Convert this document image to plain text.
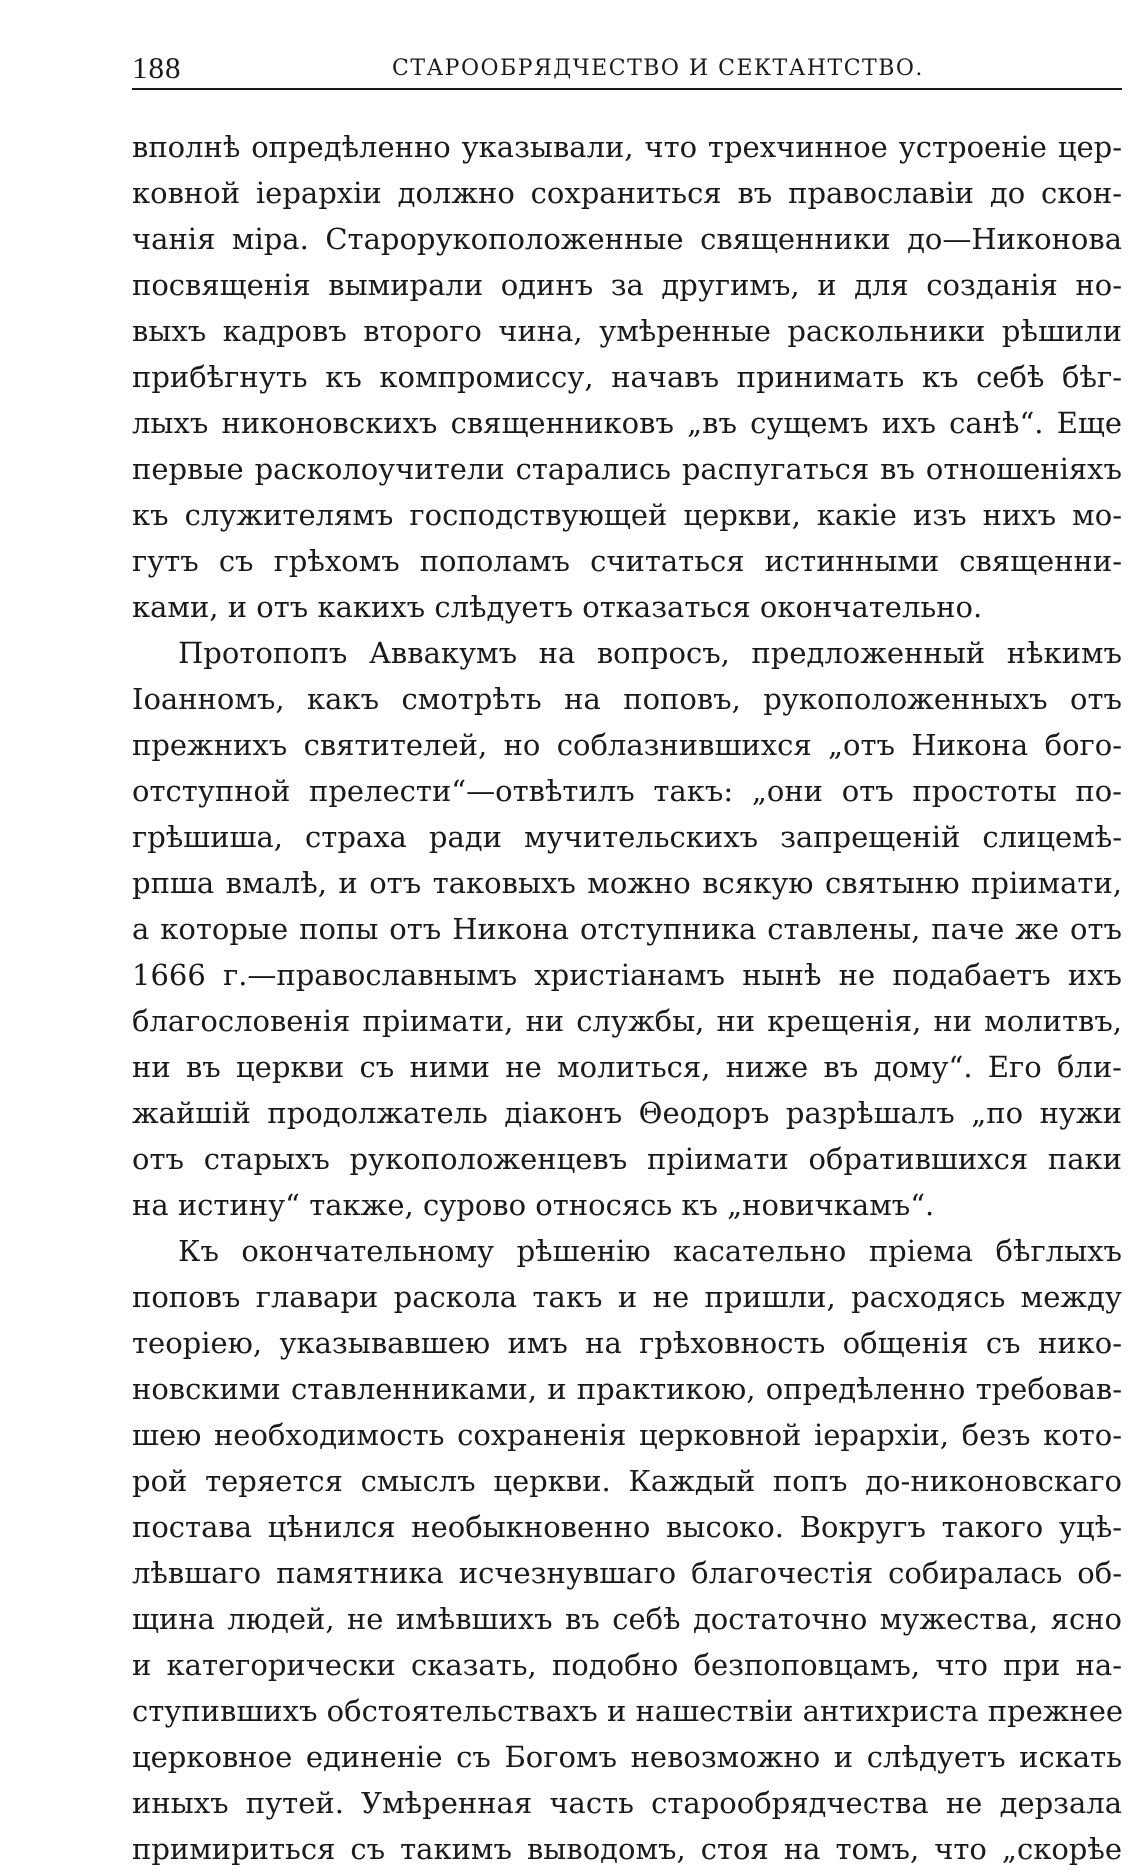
188	СТАРООБРЯДЧЕСТВО И СЕКТАНТСТВО.
вполнѣ опредѣленно указывали, что трехчинное устроенiе цер-
ковной iерархiи должно сохраниться въ православiи до скон-
чанiя мiра. Старорукоположенные священники до—Никонова
посвященiя вымирали одинъ за другимъ, и для созданiя но-
выхъ кадровъ второго чина, умѣренные раскольники рѣшили
прибѣгнуть къ компромиссу, начавъ принимать къ себѣ бѣг-
лыхъ никоновскихъ священниковъ „въ сущемъ ихъ санѣ“. Еще
первые расколоучители старались распугаться въ отношенiяхъ
къ служителямъ господствующей церкви, какiе изъ нихъ мо-
гутъ съ грѣхомъ пополамъ считаться истинными священни-
ками, и отъ какихъ слѣдуетъ отказаться окончательно.
Протопопъ Аввакумъ на вопросъ, предложенный нѣкимъ
Iоанномъ, какъ смотрѣть на поповъ, рукоположенныхъ отъ
прежнихъ святителей, но соблазнившихся „отъ Никона бого-
отступной прелести“—отвѣтилъ такъ: „они отъ простоты по-
грѣшиша, страха ради мучительскихъ запрещенiй слицемѣ-
рпша вмалѣ, и отъ таковыхъ можно всякую святыню прiимати,
а которые попы отъ Никона отступника ставлены, паче же отъ
1666 г.—православнымъ христiанамъ нынѣ не подабаетъ ихъ
благословенiя прiимати, ни службы, ни крещенiя, ни молитвъ,
ни въ церкви съ ними не молиться, ниже въ дому“. Его бли-
жайшiй продолжатель дiаконъ Θеодоръ разрѣшалъ „по нужи
отъ старыхъ рукоположенцевъ прiимати обратившихся паки
на истину“ также, сурово относясь къ „новичкамъ“.
Къ окончательному рѣшенiю касательно прiема бѣглыхъ
поповъ главари раскола такъ и не пришли, расходясь между
теорiею, указывавшею имъ на грѣховность общенiя съ нико-
новскими ставленниками, и практикою, опредѣленно требовав-
шею необходимость сохраненiя церковной iерархiи, безъ кото-
рой теряется смыслъ церкви. Каждый попъ до-никоновскаго
постава цѣнился необыкновенно высоко. Вокругъ такого уцѣ-
лѣвшаго памятника исчезнувшаго благочестiя собиралась об-
щина людей, не имѣвшихъ въ себѣ достаточно мужества, ясно
и категорически сказать, подобно безпоповцамъ, что при на-
ступившихъ обстоятельствахъ и нашествiи антихриста прежнее
церковное единенiе съ Богомъ невозможно и слѣдуетъ искать
иныхъ путей. Умѣренная часть старообрядчества не дерзала
примириться съ такимъ выводомъ, стоя на томъ, что „скорѣе
